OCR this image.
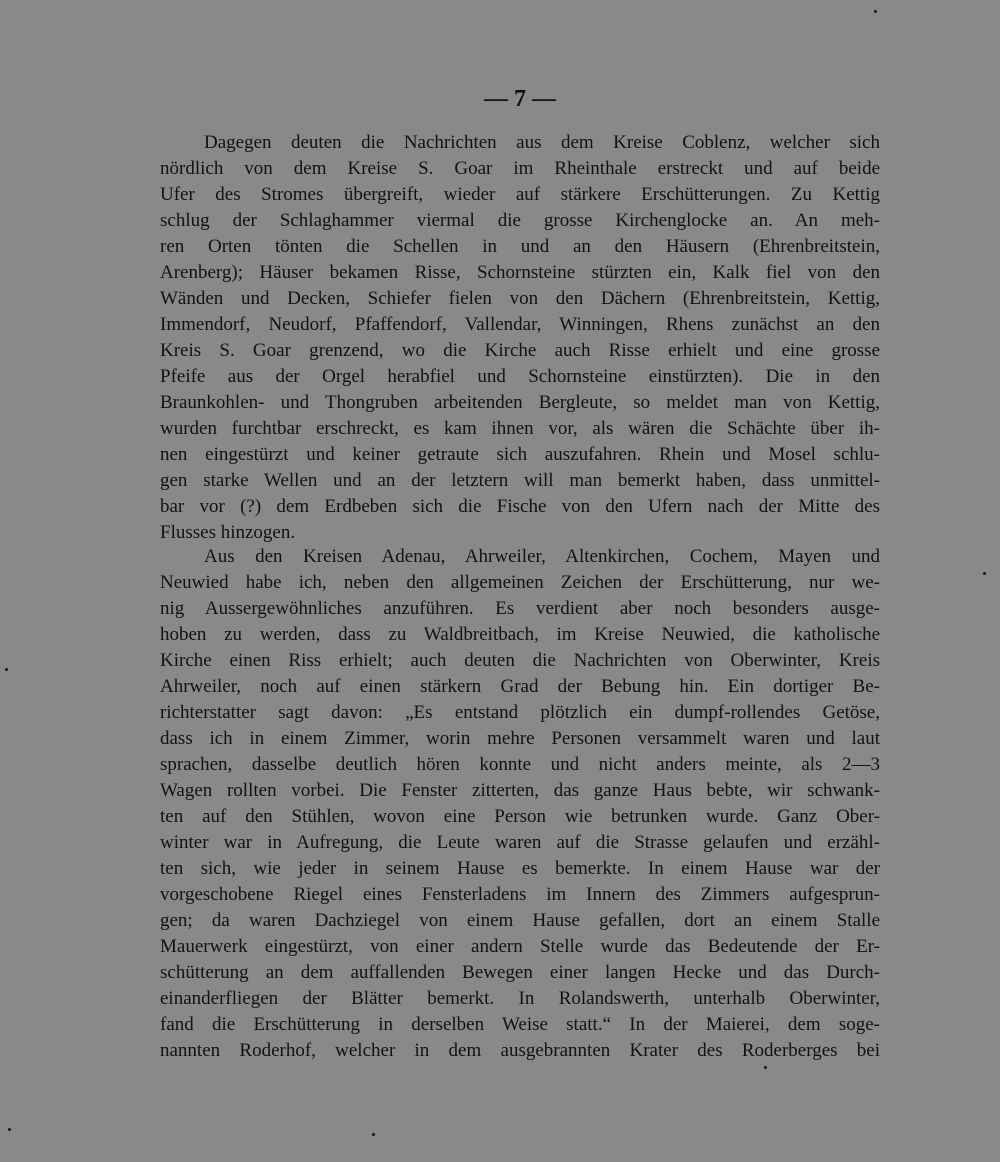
— 7 —
Dagegen deuten die Nachrichten aus dem Kreise Coblenz, welcher sich
nördlich von dem Kreise S. Goar im Rheinthale erstreckt und auf beide
Ufer des Stromes übergreift, wieder auf stärkere Erschütterungen. Zu Kettig
schlug der Schlaghammer viermal die grosse Kirchenglocke an. An meh-
ren Orten tönten die Schellen in und an den Häusern (Ehrenbreitstein,
Arenberg); Häuser bekamen Risse, Schornsteine stürzten ein, Kalk fiel von den
Wänden und Decken, Schiefer fielen von den Dächern (Ehrenbreitstein, Kettig,
Immendorf, Neudorf, Pfaffendorf, Vallendar, Winningen, Rhens zunächst an den
Kreis S. Goar grenzend, wo die Kirche auch Risse erhielt und eine grosse
Pfeife aus der Orgel herabfiel und Schornsteine einstürzten). Die in den
Braunkohlen- und Thongruben arbeitenden Bergleute, so meldet man von Kettig,
wurden furchtbar erschreckt, es kam ihnen vor, als wären die Schächte über ih-
nen eingestürzt und keiner getraute sich auszufahren. Rhein und Mosel schlu-
gen starke Wellen und an der letztern will man bemerkt haben, dass unmittel-
bar vor (?) dem Erdbeben sich die Fische von den Ufern nach der Mitte des
Flusses hinzogen.
Aus den Kreisen Adenau, Ahrweiler, Altenkirchen, Cochem, Mayen und
Neuwied habe ich, neben den allgemeinen Zeichen der Erschütterung, nur we-
nig Aussergewöhnliches anzuführen. Es verdient aber noch besonders ausge-
hoben zu werden, dass zu Waldbreitbach, im Kreise Neuwied, die katholische
Kirche einen Riss erhielt; auch deuten die Nachrichten von Oberwinter, Kreis
Ahrweiler, noch auf einen stärkern Grad der Bebung hin. Ein dortiger Be-
richterstatter sagt davon: „Es entstand plötzlich ein dumpf-rollendes Getöse,
dass ich in einem Zimmer, worin mehre Personen versammelt waren und laut
sprachen, dasselbe deutlich hören konnte und nicht anders meinte, als 2—3
Wagen rollten vorbei. Die Fenster zitterten, das ganze Haus bebte, wir schwank-
ten auf den Stühlen, wovon eine Person wie betrunken wurde. Ganz Ober-
winter war in Aufregung, die Leute waren auf die Strasse gelaufen und erzähl-
ten sich, wie jeder in seinem Hause es bemerkte. In einem Hause war der
vorgeschobene Riegel eines Fensterladens im Innern des Zimmers aufgesprun-
gen; da waren Dachziegel von einem Hause gefallen, dort an einem Stalle
Mauerwerk eingestürzt, von einer andern Stelle wurde das Bedeutende der Er-
schütterung an dem auffallenden Bewegen einer langen Hecke und das Durch-
einanderfliegen der Blätter bemerkt. In Rolandswerth, unterhalb Oberwinter,
fand die Erschütterung in derselben Weise statt.“ In der Maierei, dem soge-
nannten Roderhof, welcher in dem ausgebrannten Krater des Roderberges bei
